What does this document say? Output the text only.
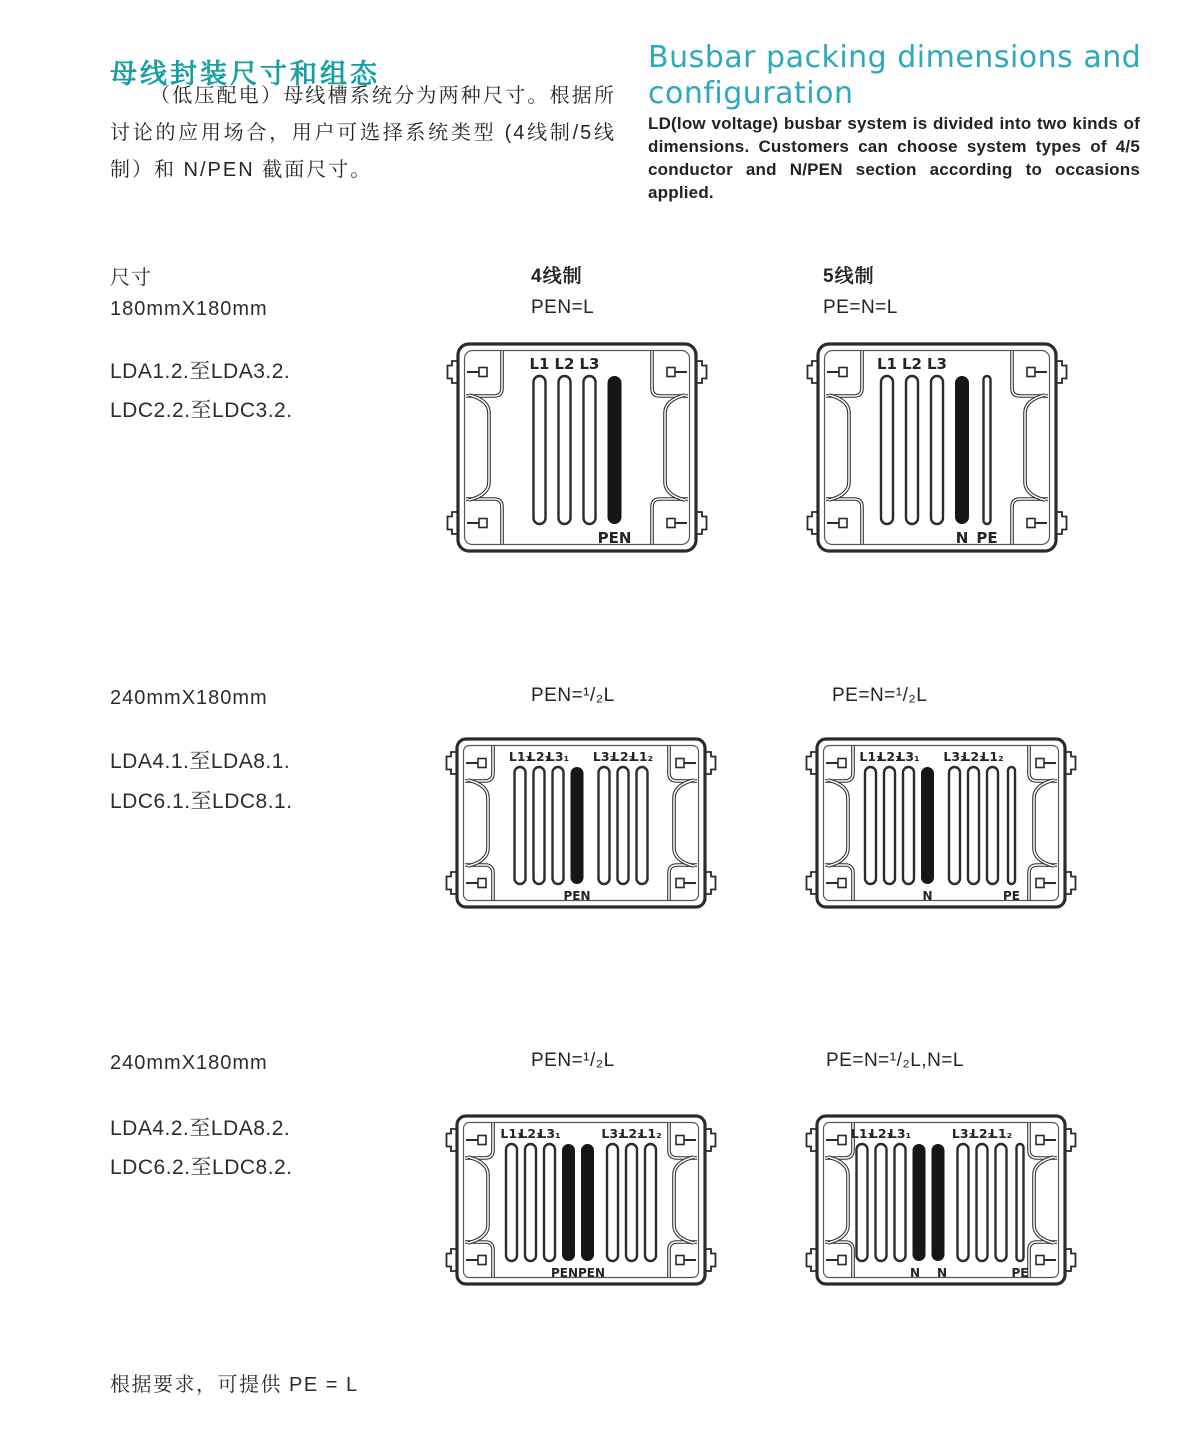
母线封装尺寸和组态

（低压配电）母线槽系统分为两种尺寸。根据所讨论的应用场合，用户可选择系统类型 (4线制/5线制）和 N/PEN 截面尺寸。

Busbar packing dimensions and
configuration

LD(low voltage) busbar system is divided into two kinds of dimensions. Customers can choose system types of 4/5 conductor and N/PEN section according to occasions applied.

尺寸	4线制	5线制
180mmX180mm
LDA1.2.至LDA3.2.
LDC2.2.至LDC3.2.
PEN=L	PE=N=L
L1 L2 L3
PEN
L1 L2 L3
N PE
240mmX180mm
LDA4.1.至LDA8.1.
LDC6.1.至LDC8.1.
PEN=¹/₂L	PE=N=¹/₂L
L1₁
L2₁
L3₁
PEN
L3₂
L2₂
L1₂	L1₁
L2₁
L3₁
N
L3₂
L2₂
L1₂
PE
240mmX180mm
LDA4.2.至LDA8.2.
LDC6.2.至LDC8.2.
PEN=¹/₂L	PE=N=¹/₂L,N=L
L1₁
L2₁
L3₁
PEN PEN
L3₂
L2₂
L1₂	L1₁
L2₁
L3₁
N N
L3₂
L2₂
L1₂
PE
根据要求，可提供 PE = L
